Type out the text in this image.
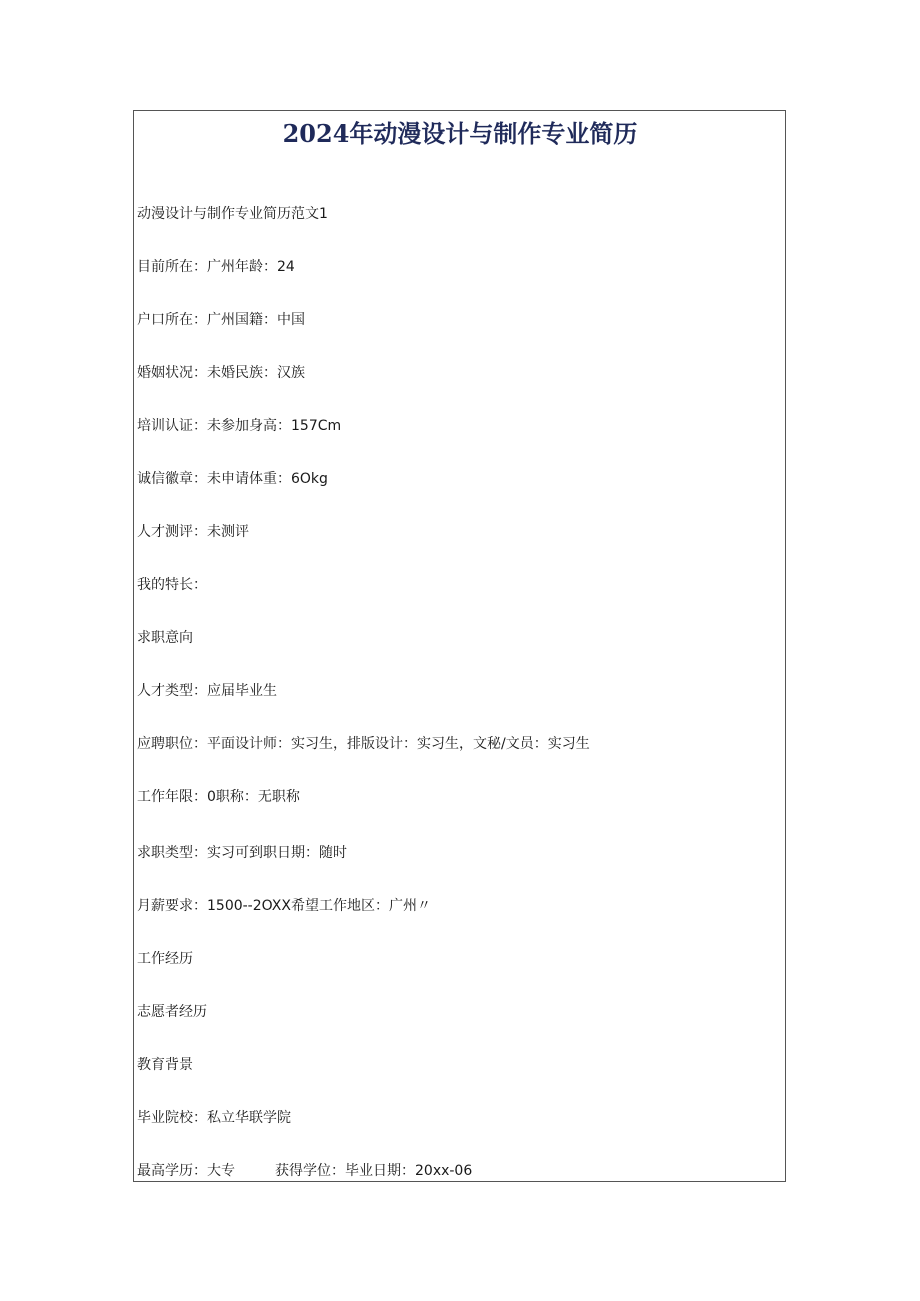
2024年动漫设计与制作专业简历

动漫设计与制作专业简历范文1

目前所在：广州年龄：24

户口所在：广州国籍：中国

婚姻状况：未婚民族：汉族

培训认证：未参加身高：157Cm

诚信徽章：未申请体重：6Okg

人才测评：未测评

我的特长：

求职意向

人才类型：应届毕业生

应聘职位：平面设计师：实习生，排版设计：实习生，文秘/文员：实习生

工作年限：0职称：无职称

求职类型：实习可到职日期：随时

月薪要求：1500--2OXX希望工作地区：广州〃

工作经历

志愿者经历

教育背景

毕业院校：私立华联学院

最高学历：大专	获得学位：毕业日期：20xx-06
